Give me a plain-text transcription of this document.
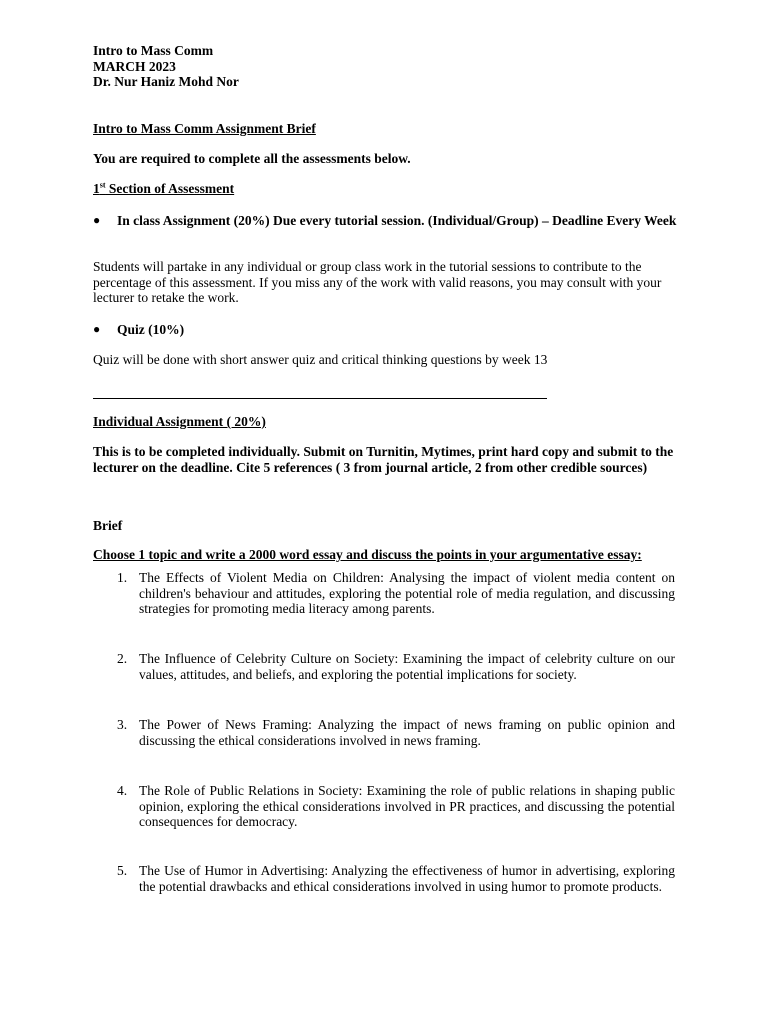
Intro to Mass Comm
MARCH 2023
Dr. Nur Haniz Mohd Nor
Intro to Mass Comm Assignment Brief
You are required to complete all the assessments below.
1st Section of Assessment
●	In class Assignment (20%) Due every tutorial session. (Individual/Group) – Deadline Every Week
Students will partake in any individual or group class work in the tutorial sessions to contribute to the percentage of this assessment. If you miss any of the work with valid reasons, you may consult with your lecturer to retake the work.
●	Quiz (10%)
Quiz will be done with short answer quiz and critical thinking questions by week 13
Individual Assignment ( 20%)
This is to be completed individually. Submit on Turnitin, Mytimes, print hard copy and submit to the lecturer on the deadline. Cite 5 references ( 3 from journal article, 2 from other credible sources)
Brief
Choose 1 topic and write a 2000 word essay and discuss the points in your argumentative essay:
1. The Effects of Violent Media on Children: Analysing the impact of violent media content on children's behaviour and attitudes, exploring the potential role of media regulation, and discussing strategies for promoting media literacy among parents.
2. The Influence of Celebrity Culture on Society: Examining the impact of celebrity culture on our values, attitudes, and beliefs, and exploring the potential implications for society.
3. The Power of News Framing: Analyzing the impact of news framing on public opinion and discussing the ethical considerations involved in news framing.
4. The Role of Public Relations in Society: Examining the role of public relations in shaping public opinion, exploring the ethical considerations involved in PR practices, and discussing the potential consequences for democracy.
5. The Use of Humor in Advertising: Analyzing the effectiveness of humor in advertising, exploring the potential drawbacks and ethical considerations involved in using humor to promote products.
